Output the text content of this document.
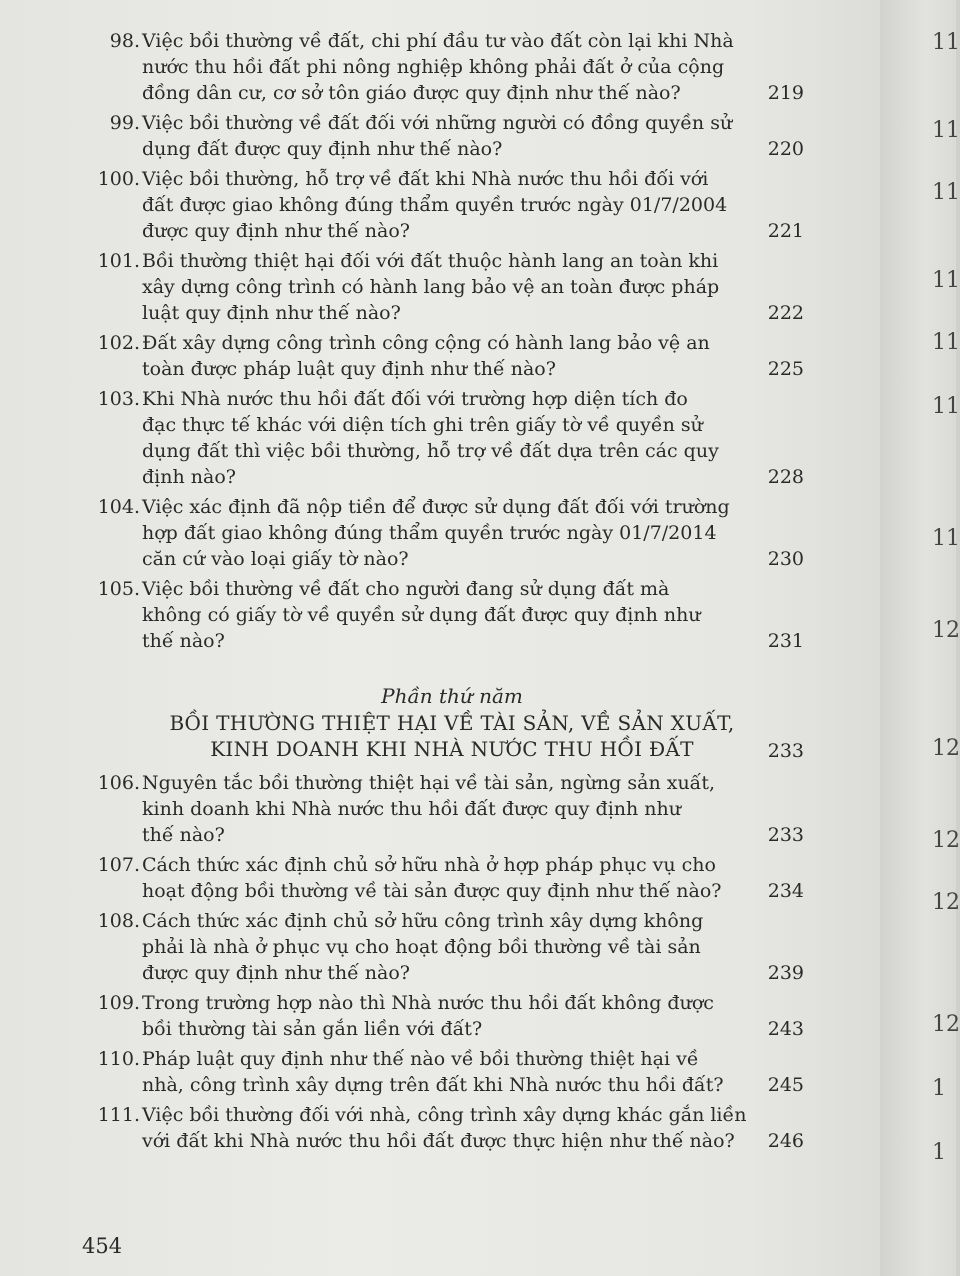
11
11
11
11
11
11
11
12
12
12
12
12
1
1
98. Việc bồi thường về đất, chi phí đầu tư vào đất còn lại khi Nhà
nước thu hồi đất phi nông nghiệp không phải đất ở của cộng
đồng dân cư, cơ sở tôn giáo được quy định như thế nào?	219
99. Việc bồi thường về đất đối với những người có đồng quyền sử
dụng đất được quy định như thế nào?	220
100. Việc bồi thường, hỗ trợ về đất khi Nhà nước thu hồi đối với
đất được giao không đúng thẩm quyền trước ngày 01/7/2004
được quy định như thế nào?	221
101. Bồi thường thiệt hại đối với đất thuộc hành lang an toàn khi
xây dựng công trình có hành lang bảo vệ an toàn được pháp
luật quy định như thế nào?	222
102. Đất xây dựng công trình công cộng có hành lang bảo vệ an
toàn được pháp luật quy định như thế nào?	225
103. Khi Nhà nước thu hồi đất đối với trường hợp diện tích đo
đạc thực tế khác với diện tích ghi trên giấy tờ về quyền sử
dụng đất thì việc bồi thường, hỗ trợ về đất dựa trên các quy
định nào?	228
104. Việc xác định đã nộp tiền để được sử dụng đất đối với trường
hợp đất giao không đúng thẩm quyền trước ngày 01/7/2014
căn cứ vào loại giấy tờ nào?	230
105. Việc bồi thường về đất cho người đang sử dụng đất mà
không có giấy tờ về quyền sử dụng đất được quy định như
thế nào?	231
Phần thứ năm
BỒI THƯỜNG THIỆT HẠI VỀ TÀI SẢN, VỀ SẢN XUẤT,
KINH DOANH KHI NHÀ NƯỚC THU HỒI ĐẤT	233
106. Nguyên tắc bồi thường thiệt hại về tài sản, ngừng sản xuất,
kinh doanh khi Nhà nước thu hồi đất được quy định như
thế nào?	233
107. Cách thức xác định chủ sở hữu nhà ở hợp pháp phục vụ cho
hoạt động bồi thường về tài sản được quy định như thế nào?	234
108. Cách thức xác định chủ sở hữu công trình xây dựng không
phải là nhà ở phục vụ cho hoạt động bồi thường về tài sản
được quy định như thế nào?	239
109. Trong trường hợp nào thì Nhà nước thu hồi đất không được
bồi thường tài sản gắn liền với đất?	243
110. Pháp luật quy định như thế nào về bồi thường thiệt hại về
nhà, công trình xây dựng trên đất khi Nhà nước thu hồi đất?	245
111. Việc bồi thường đối với nhà, công trình xây dựng khác gắn liền
với đất khi Nhà nước thu hồi đất được thực hiện như thế nào?	246
454
